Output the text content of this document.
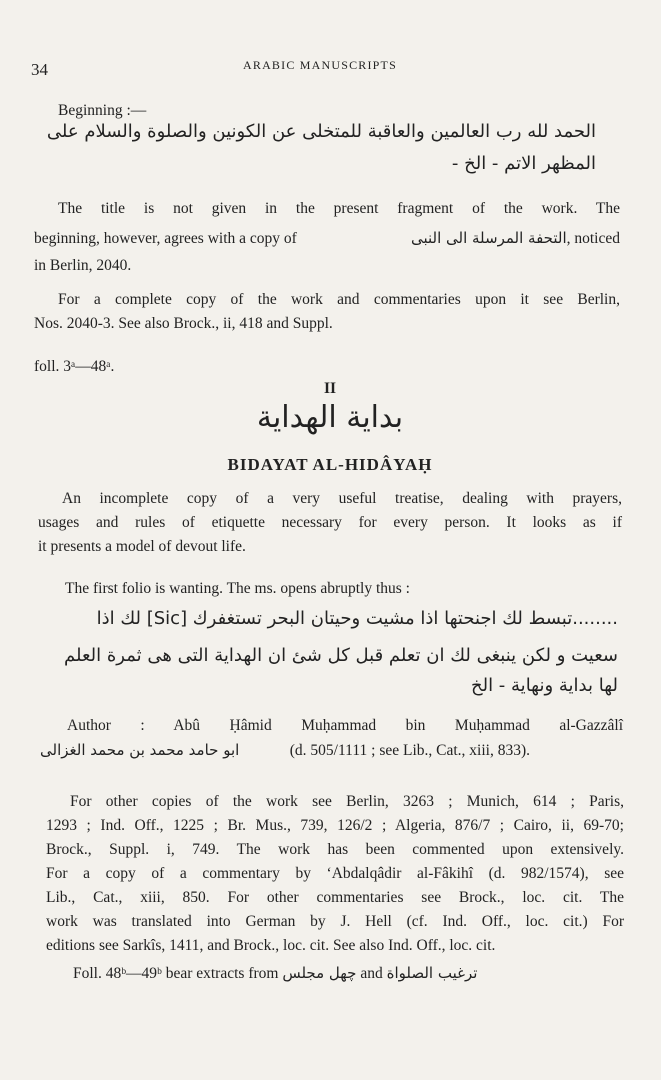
34	ARABIC MANUSCRIPTS
Beginning :—
الحمد لله رب العالمين والعاقبة للمتخلى عن الكونين والصلوة والسلام على
المظهر الاتم - الخ -
The title is not given in the present fragment of the work. The
beginning, however, agrees with a copy of	التحفة المرسلة الى النبى, noticed
in Berlin, 2040.
For a complete copy of the work and commentaries upon it see Berlin,
Nos. 2040-3. See also Brock., ii, 418 and Suppl.
foll. 3ᵃ—48ᵃ.
II
بداية الهداية
BIDAYAT AL-HIDÂYAḤ
An incomplete copy of a very useful treatise, dealing with prayers,
usages and rules of etiquette necessary for every person. It looks as if
it presents a model of devout life.
The first folio is wanting. The ms. opens abruptly thus :
........تبسط لك اجنحتها اذا مشيت وحيتان البحر تستغفرك [Sic] لك اذا
سعيت و لكن ينبغى لك ان تعلم قبل كل شئ ان الهداية التى هى ثمرة العلم
لها بداية ونهاية - الخ
Author : Abû Ḥâmid Muḥammad bin Muḥammad al-Gazzâlî
ابو حامد محمد بن محمد الغزالى	(d. 505/1111 ; see Lib., Cat., xiii, 833).
For other copies of the work see Berlin, 3263 ; Munich, 614 ; Paris,
1293 ; Ind. Off., 1225 ; Br. Mus., 739, 126/2 ; Algeria, 876/7 ; Cairo, ii, 69-70;
Brock., Suppl. i, 749. The work has been commented upon extensively.
For a copy of a commentary by ‘Abdalqâdir al-Fâkihî (d. 982/1574), see
Lib., Cat., xiii, 850. For other commentaries see Brock., loc. cit. The
work was translated into German by J. Hell (cf. Ind. Off., loc. cit.) For
editions see Sarkîs, 1411, and Brock., loc. cit. See also Ind. Off., loc. cit.
Foll. 48ᵇ—49ᵇ bear extracts from چهل مجلس and ترغيب الصلواة
